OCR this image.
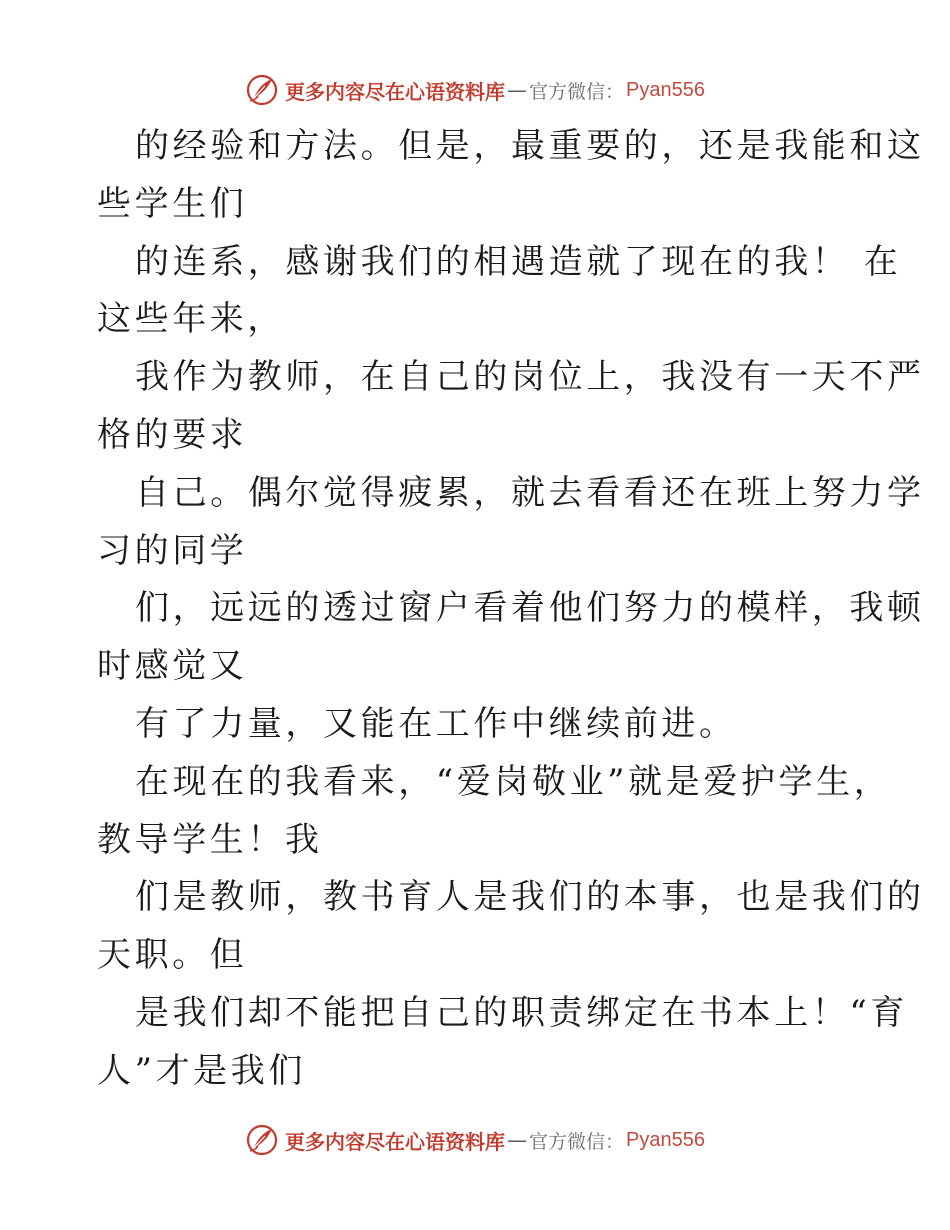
更多内容尽在心语资料库 — 官方微信： Pyan556
的经验和方法。但是，最重要的，还是我能和这
些学生们
的连系，感谢我们的相遇造就了现在的我！ 在
这些年来，
我作为教师，在自己的岗位上，我没有一天不严
格的要求
自己。偶尔觉得疲累，就去看看还在班上努力学
习的同学
们，远远的透过窗户看着他们努力的模样，我顿
时感觉又
有了力量，又能在工作中继续前进。
在现在的我看来，“爱岗敬业”就是爱护学生，
教导学生！我
们是教师，教书育人是我们的本事，也是我们的
天职。但
是我们却不能把自己的职责绑定在书本上！“育
人”才是我们
更多内容尽在心语资料库 — 官方微信： Pyan556
